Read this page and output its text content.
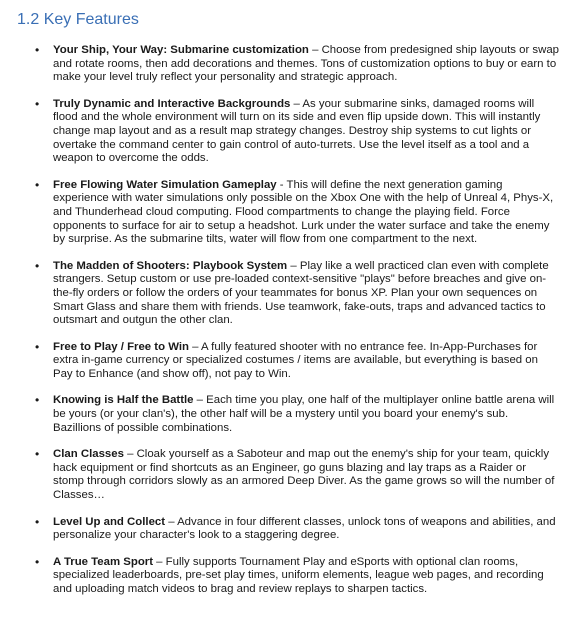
1.2 Key Features
• Your Ship, Your Way: Submarine customization – Choose from predesigned ship layouts or swap and rotate rooms, then add decorations and themes. Tons of customization options to buy or earn to make your level truly reflect your personality and strategic approach.
• Truly Dynamic and Interactive Backgrounds – As your submarine sinks, damaged rooms will flood and the whole environment will turn on its side and even flip upside down. This will instantly change map layout and as a result map strategy changes. Destroy ship systems to cut lights or overtake the command center to gain control of auto-turrets. Use the level itself as a tool and a weapon to overcome the odds.
• Free Flowing Water Simulation Gameplay - This will define the next generation gaming experience with water simulations only possible on the Xbox One with the help of Unreal 4, Phys-X, and Thunderhead cloud computing. Flood compartments to change the playing field. Force opponents to surface for air to setup a headshot. Lurk under the water surface and take the enemy by surprise. As the submarine tilts, water will flow from one compartment to the next.
• The Madden of Shooters: Playbook System – Play like a well practiced clan even with complete strangers. Setup custom or use pre-loaded context-sensitive "plays" before breaches and give on-the-fly orders or follow the orders of your teammates for bonus XP. Plan your own sequences on Smart Glass and share them with friends. Use teamwork, fake-outs, traps and advanced tactics to outsmart and outgun the other clan.
• Free to Play / Free to Win – A fully featured shooter with no entrance fee. In-App-Purchases for extra in-game currency or specialized costumes / items are available, but everything is based on Pay to Enhance (and show off), not pay to Win.
• Knowing is Half the Battle – Each time you play, one half of the multiplayer online battle arena will be yours (or your clan's), the other half will be a mystery until you board your enemy's sub. Bazillions of possible combinations.
• Clan Classes – Cloak yourself as a Saboteur and map out the enemy's ship for your team, quickly hack equipment or find shortcuts as an Engineer, go guns blazing and lay traps as a Raider or stomp through corridors slowly as an armored Deep Diver. As the game grows so will the number of Classes…
• Level Up and Collect – Advance in four different classes, unlock tons of weapons and abilities, and personalize your character's look to a staggering degree.
• A True Team Sport – Fully supports Tournament Play and eSports with optional clan rooms, specialized leaderboards, pre-set play times, uniform elements, league web pages, and recording and uploading match videos to brag and review replays to sharpen tactics.
